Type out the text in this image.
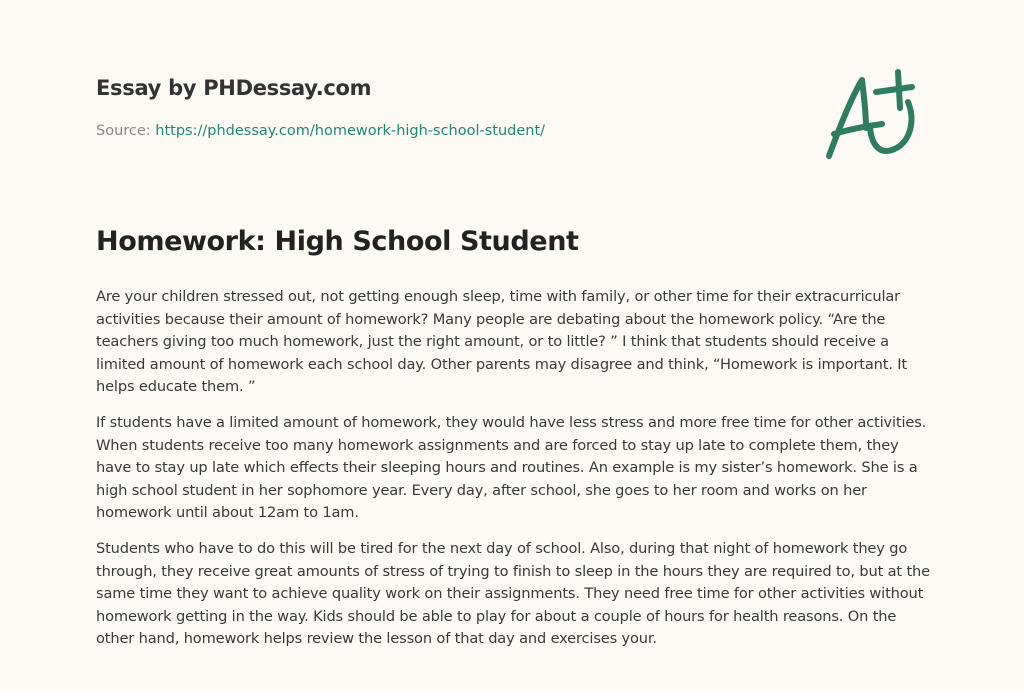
Essay by PHDessay.com
Source: https://phdessay.com/homework-high-school-student/
Homework: High School Student

Are your children stressed out, not getting enough sleep, time with family, or other time for their extracurricular activities because their amount of homework? Many people are debating about the homework policy. “Are the teachers giving too much homework, just the right amount, or to little? ” I think that students should receive a limited amount of homework each school day. Other parents may disagree and think, “Homework is important. It helps educate them. ”

If students have a limited amount of homework, they would have less stress and more free time for other activities. When students receive too many homework assignments and are forced to stay up late to complete them, they have to stay up late which effects their sleeping hours and routines. An example is my sister’s homework. She is a high school student in her sophomore year. Every day, after school, she goes to her room and works on her homework until about 12am to 1am.

Students who have to do this will be tired for the next day of school. Also, during that night of homework they go through, they receive great amounts of stress of trying to finish to sleep in the hours they are required to, but at the same time they want to achieve quality work on their assignments. They need free time for other activities without homework getting in the way. Kids should be able to play for about a couple of hours for health reasons. On the other hand, homework helps review the lesson of that day and exercises your.
